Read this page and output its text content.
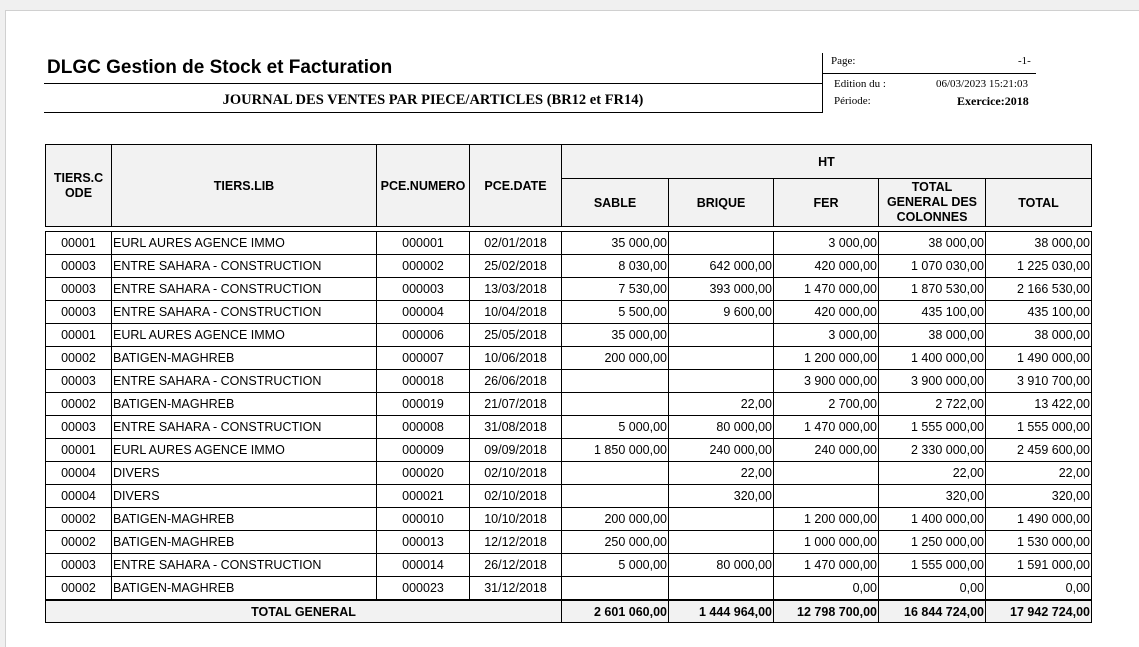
DLGC Gestion de Stock et Facturation
JOURNAL DES VENTES PAR PIECE/ARTICLES (BR12 et FR14)
Page:	-1-
Edition du :	06/03/2023 15:21:03
Période:	Exercice:2018
TIERS.CODE	TIERS.LIB	PCE.NUMERO	PCE.DATE	HT				
				SABLE	BRIQUE	FER	TOTAL GENERAL DES COLONNES	TOTAL

00001	EURL AURES AGENCE IMMO	000001	02/01/2018	35 000,00		3 000,00	38 000,00	38 000,00
00003	ENTRE SAHARA - CONSTRUCTION	000002	25/02/2018	8 030,00	642 000,00	420 000,00	1 070 030,00	1 225 030,00
00003	ENTRE SAHARA - CONSTRUCTION	000003	13/03/2018	7 530,00	393 000,00	1 470 000,00	1 870 530,00	2 166 530,00
00003	ENTRE SAHARA - CONSTRUCTION	000004	10/04/2018	5 500,00	9 600,00	420 000,00	435 100,00	435 100,00
00001	EURL AURES AGENCE IMMO	000006	25/05/2018	35 000,00		3 000,00	38 000,00	38 000,00
00002	BATIGEN-MAGHREB	000007	10/06/2018	200 000,00		1 200 000,00	1 400 000,00	1 490 000,00
00003	ENTRE SAHARA - CONSTRUCTION	000018	26/06/2018			3 900 000,00	3 900 000,00	3 910 700,00
00002	BATIGEN-MAGHREB	000019	21/07/2018		22,00	2 700,00	2 722,00	13 422,00
00003	ENTRE SAHARA - CONSTRUCTION	000008	31/08/2018	5 000,00	80 000,00	1 470 000,00	1 555 000,00	1 555 000,00
00001	EURL AURES AGENCE IMMO	000009	09/09/2018	1 850 000,00	240 000,00	240 000,00	2 330 000,00	2 459 600,00
00004	DIVERS	000020	02/10/2018		22,00		22,00	22,00
00004	DIVERS	000021	02/10/2018		320,00		320,00	320,00
00002	BATIGEN-MAGHREB	000010	10/10/2018	200 000,00		1 200 000,00	1 400 000,00	1 490 000,00
00002	BATIGEN-MAGHREB	000013	12/12/2018	250 000,00		1 000 000,00	1 250 000,00	1 530 000,00
00003	ENTRE SAHARA - CONSTRUCTION	000014	26/12/2018	5 000,00	80 000,00	1 470 000,00	1 555 000,00	1 591 000,00
00002	BATIGEN-MAGHREB	000023	31/12/2018			0,00	0,00	0,00
TOTAL GENERAL				2 601 060,00	1 444 964,00	12 798 700,00	16 844 724,00	17 942 724,00
